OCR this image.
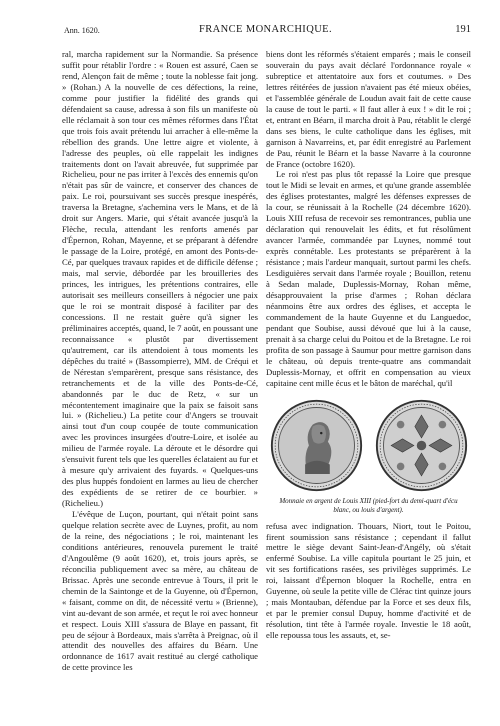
Ann. 1620.	FRANCE MONARCHIQUE.	191

ral, marcha rapidement sur la Normandie. Sa présence suffit pour rétablir l'ordre : « Rouen est assuré, Caen se rend, Alençon fait de même ; toute la noblesse fait jong. » (Rohan.) A la nouvelle de ces défections, la reine, comme pour justifier la fidélité des grands qui défendaient sa cause, adressa à son fils un manifeste où elle réclamait à son tour ces mêmes réformes dans l'État que trois fois avait prétendu lui arracher à elle-même la rébellion des grands. Une lettre aigre et violente, à l'adresse des peuples, où elle rappelait les indignes traitements dont on l'avait abreuvée, fut supprimée par Richelieu, pour ne pas irriter à l'excès des ennemis qu'on n'était pas sûr de vaincre, et conserver des chances de paix. Le roi, poursuivant ses succès presque inespérés, traversa la Bretagne, s'achemina vers le Mans, et de là droit sur Angers. Marie, qui s'était avancée jusqu'à la Flèche, recula, attendant les renforts amenés par d'Épernon, Rohan, Mayenne, et se préparant à défendre le passage de la Loire, protégé, en amont des Ponts-de-Cé, par quelques travaux rapides et de difficile défense ; mais, mal servie, débordée par les brouilleries des princes, les intrigues, les prétentions contraires, elle autorisait ses meilleurs conseillers à négocier une paix que le roi se montrait disposé à faciliter par des concessions. Il ne restait guère qu'à signer les préliminaires acceptés, quand, le 7 août, en poussant une reconnaissance « plustôt par divertissement qu'autrement, car ils attendoient à tous moments les dépêches du traité » (Bassompierre), MM. de Créqui et de Nérestan s'emparèrent, presque sans résistance, des retranchements et de la ville des Ponts-de-Cé, abandonnés par le duc de Retz, « sur un mécontentement imaginaire que la paix se faisoit sans lui. » (Richelieu.) La petite cour d'Angers se trouvait ainsi tout d'un coup coupée de toute communication avec les provinces insurgées d'outre-Loire, et isolée au milieu de l'armée royale. La déroute et le désordre qui s'ensuivit furent tels que les querelles éclataient au fur et à mesure qu'y arrivaient des fuyards. « Quelques-uns des plus huppés fondoient en larmes au lieu de chercher des expédients de se retirer de ce bourbier. » (Richelieu.)

L'évêque de Luçon, pourtant, qui n'était point sans quelque relation secrète avec de Luynes, profit, au nom de la reine, des négociations ; le roi, maintenant les conditions antérieures, renouvela purement le traité d'Angoulême (9 août 1620), et, trois jours après, se réconcilia publiquement avec sa mère, au château de Brissac. Après une seconde entrevue à Tours, il prit le chemin de la Saintonge et de la Guyenne, où d'Épernon, « faisant, comme on dit, de nécessité vertu » (Brienne), vint au-devant de son armée, et reçut le roi avec honneur et respect. Louis XIII s'assura de Blaye en passant, fit peu de séjour à Bordeaux, mais s'arrêta à Preignac, où il attendit des nouvelles des affaires du Béarn. Une ordonnance de 1617 avait restitué au clergé catholique de cette province les

biens dont les réformés s'étaient emparés ; mais le conseil souverain du pays avait déclaré l'ordonnance royale « subreptice et attentatoire aux fors et coutumes. » Des lettres réitérées de jussion n'avaient pas été mieux obéies, et l'assemblée générale de Loudun avait fait de cette cause la cause de tout le parti. « Il faut aller à eux ! » dit le roi ; et, entrant en Béarn, il marcha droit à Pau, rétablit le clergé dans ses biens, le culte catholique dans les églises, mit garnison à Navarreins, et, par édit enregistré au Parlement de Pau, réunit le Béarn et la basse Navarre à la couronne de France (octobre 1620).

Le roi n'est pas plus tôt repassé la Loire que presque tout le Midi se levait en armes, et qu'une grande assemblée des églises protestantes, malgré les défenses expresses de la cour, se réunissait à la Rochelle (24 décembre 1620). Louis XIII refusa de recevoir ses remontrances, publia une déclaration qui renouvelait les édits, et fut résolûment avancer l'armée, commandée par Luynes, nommé tout exprès connétable. Les protestants se préparèrent à la résistance ; mais l'ardeur manquait, surtout parmi les chefs. Lesdiguières servait dans l'armée royale ; Bouillon, retenu à Sedan malade, Duplessis-Mornay, Rohan même, désapprouvaient la prise d'armes ; Rohan déclara néanmoins être aux ordres des églises, et accepta le commandement de la haute Guyenne et du Languedoc, pendant que Soubise, aussi dévoué que lui à la cause, prenait à sa charge celui du Poitou et de la Bretagne. Le roi profita de son passage à Saumur pour mettre garnison dans le château, où depuis trente-quatre ans commandait Duplessis-Mornay, et offrit en compensation au vieux capitaine cent mille écus et le bâton de maréchal, qu'il

Monnaie en argent de Louis XIII (pied-fort du demi-quart d'écu blanc, ou louis d'argent).

refusa avec indignation. Thouars, Niort, tout le Poitou, firent soumission sans résistance ; cependant il fallut mettre le siège devant Saint-Jean-d'Angély, où s'était enfermé Soubise. La ville capitula pourtant le 25 juin, et vit ses fortifications rasées, ses privilèges supprimés. Le roi, laissant d'Épernon bloquer la Rochelle, entra en Guyenne, où seule la petite ville de Clérac tint quinze jours ; mais Montauban, défendue par la Force et ses deux fils, et par le premier consul Dupuy, homme d'activité et de résolution, tint tête à l'armée royale. Investie le 18 août, elle repoussa tous les assauts, et, se-
